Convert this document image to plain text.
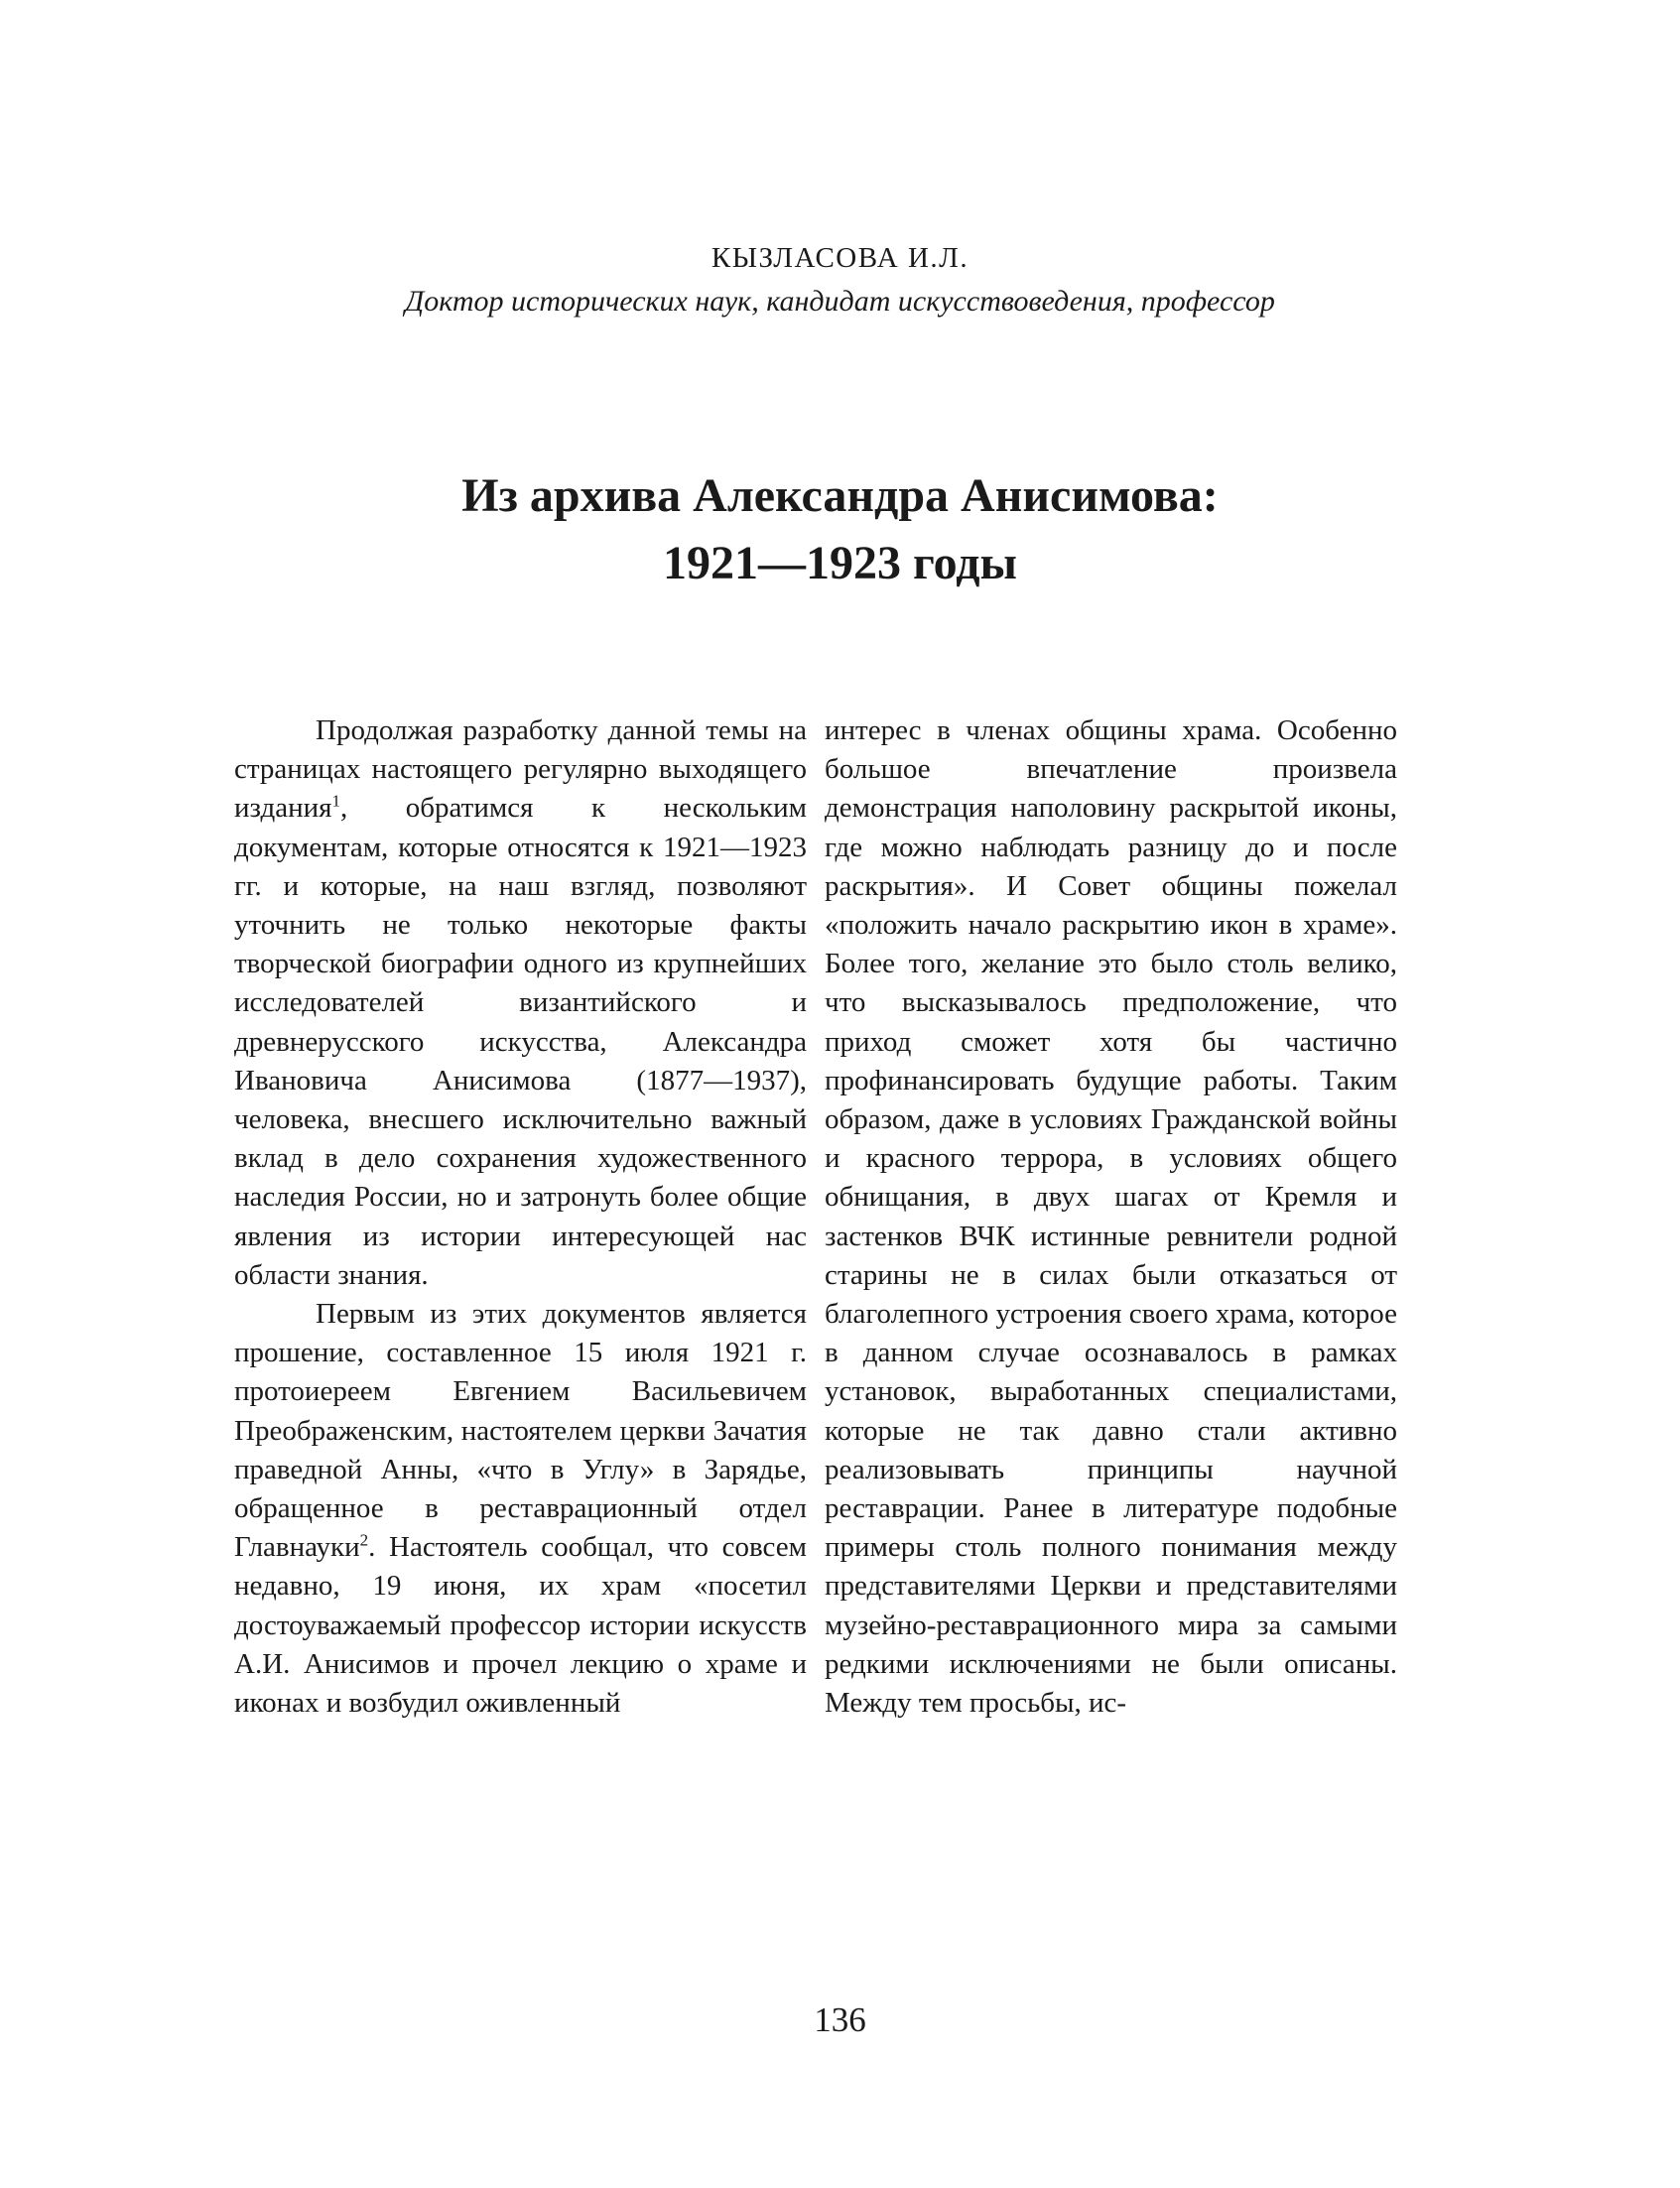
КЫЗЛАСОВА И.Л.
Доктор исторических наук, кандидат искусствоведения, профессор
Из архива Александра Анисимова:
1921—1923 годы

Продолжая разработку данной темы на страницах настоящего регулярно выходящего издания$^1$, обратимся к нескольким документам, которые относятся к 1921—1923 гг. и которые, на наш взгляд, позволяют уточнить не только некоторые факты творческой биографии одного из крупнейших исследователей византийского и древнерусского искусства, Александра Ивановича Анисимова (1877—1937), человека, внесшего исключительно важный вклад в дело сохранения художественного наследия России, но и затронуть более общие явления из истории интересующей нас области знания.

Первым из этих документов является прошение, составленное 15 июля 1921 г. протоиереем Евгением Васильевичем Преображенским, настоятелем церкви Зачатия праведной Анны, «что в Углу» в Зарядье, обращенное в реставрационный отдел Главнауки$^2$. Настоятель сообщал, что совсем недавно, 19 июня, их храм «посетил достоуважаемый профессор истории искусств А.И. Анисимов и прочел лекцию о храме и иконах и возбудил оживленный

интерес в членах общины храма. Особенно большое впечатление произвела демонстрация наполовину раскрытой иконы, где можно наблюдать разницу до и после раскрытия». И Совет общины пожелал «положить начало раскрытию икон в храме». Более того, желание это было столь велико, что высказывалось предположение, что приход сможет хотя бы частично профинансировать будущие работы. Таким образом, даже в условиях Гражданской войны и красного террора, в условиях общего обнищания, в двух шагах от Кремля и застенков ВЧК истинные ревнители родной старины не в силах были отказаться от благолепного устроения своего храма, которое в данном случае осознавалось в рамках установок, выработанных специалистами, которые не так давно стали активно реализовывать принципы научной реставрации. Ранее в литературе подобные примеры столь полного понимания между представителями Церкви и представителями музейно-реставрационного мира за самыми редкими исключениями не были описаны. Между тем просьбы, ис-

136
